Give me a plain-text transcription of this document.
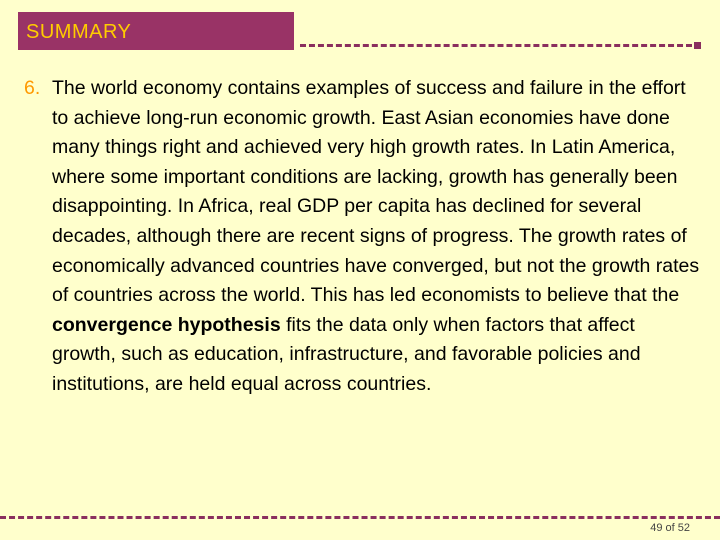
SUMMARY
6. The world economy contains examples of success and failure in the effort to achieve long-run economic growth. East Asian economies have done many things right and achieved very high growth rates. In Latin America, where some important conditions are lacking, growth has generally been disappointing. In Africa, real GDP per capita has declined for several decades, although there are recent signs of progress. The growth rates of economically advanced countries have converged, but not the growth rates of countries across the world. This has led economists to believe that the convergence hypothesis fits the data only when factors that affect growth, such as education, infrastructure, and favorable policies and institutions, are held equal across countries.
49 of 52
